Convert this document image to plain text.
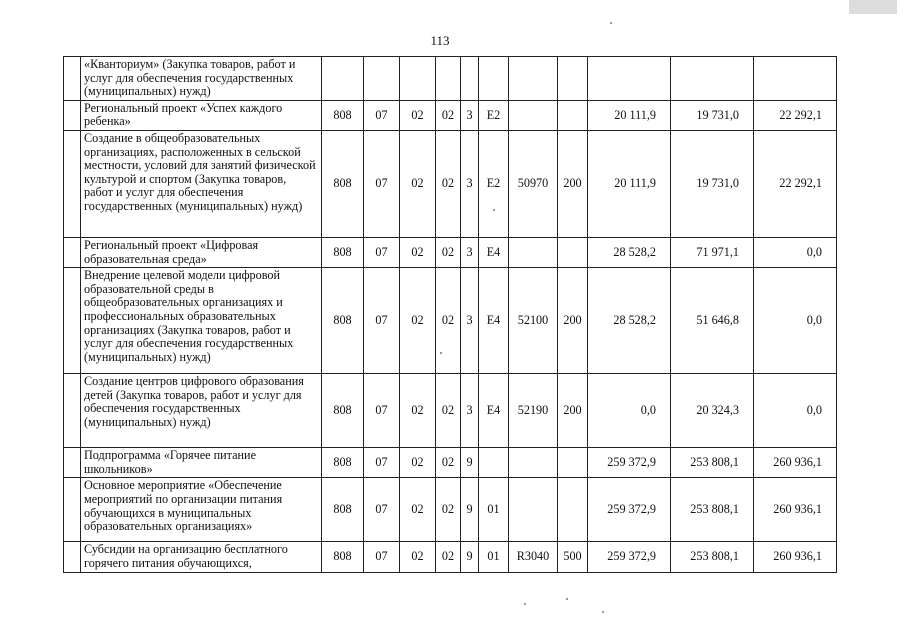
113
	«Кванториум» (Закупка товаров, работ и услуг для обеспечения государственных (муниципальных) нужд)											
	Региональный проект «Успех каждого ребенка»	808	07	02	02	3	E2			20 111,9	19 731,0	22 292,1
	Создание в общеобразовательных организациях, расположенных в сельской местности, условий для занятий физической культурой и спортом (Закупка товаров, работ и услуг для обеспечения государственных (муниципальных) нужд)	808	07	02	02	3	E2	50970	200	20 111,9	19 731,0	22 292,1
	Региональный проект «Цифровая образовательная среда»	808	07	02	02	3	E4			28 528,2	71 971,1	0,0
	Внедрение целевой модели цифровой образовательной среды в общеобразовательных организациях и профессиональных образовательных организациях (Закупка товаров, работ и услуг для обеспечения государственных (муниципальных) нужд)	808	07	02	02	3	E4	52100	200	28 528,2	51 646,8	0,0
	Создание центров цифрового образования детей (Закупка товаров, работ и услуг для обеспечения государственных (муниципальных) нужд)	808	07	02	02	3	E4	52190	200	0,0	20 324,3	0,0
	Подпрограмма «Горячее питание школьников»	808	07	02	02	9				259 372,9	253 808,1	260 936,1
	Основное мероприятие «Обеспечение мероприятий по организации питания обучающихся в муниципальных образовательных организациях»	808	07	02	02	9	01			259 372,9	253 808,1	260 936,1
	Субсидии на организацию бесплатного горячего питания обучающихся,	808	07	02	02	9	01	R3040	500	259 372,9	253 808,1	260 936,1
